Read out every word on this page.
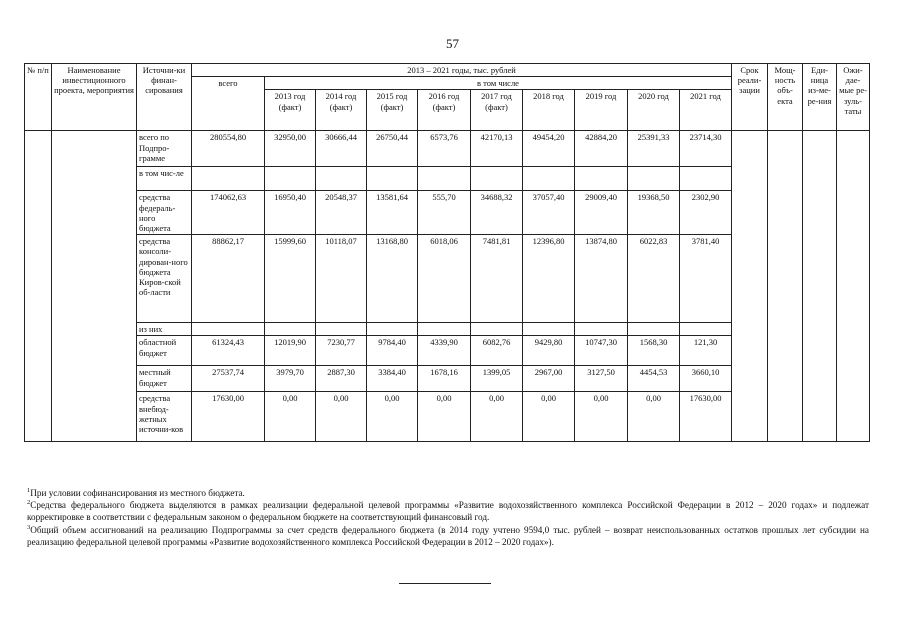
57
№ п/п	Наименование инвестиционного проекта, мероприятия	Источни-ки финан-сирования	2013 – 2021 годы, тыс. рублей										Срок реали-зации	Мощ-ность объ-екта	Еди-ница из-ме-ре-ния	Ожи-дае-мые ре-зуль-таты
			всего	в том числе												
				2013 год (факт)	2014 год (факт)	2015 год (факт)	2016 год (факт)	2017 год (факт)	2018 год	2019 год	2020 год	2021 год				
		всего по Подпро-грамме	280554,80	32950,00	30666,44	26750,44	6573,76	42170,13	49454,20	42884,20	25391,33	23714,30				
		в том чис-ле														
		средства федераль-ного бюджета	174062,63	16950,40	20548,37	13581,64	555,70	34688,32	37057,40	29009,40	19368,50	2302,90				
		средства консоли-дирован-ного бюджета Киров-ской об-ласти	88862,17	15999,60	10118,07	13168,80	6018,06	7481,81	12396,80	13874,80	6022,83	3781,40				
		из них														
		областной бюджет	61324,43	12019,90	7230,77	9784,40	4339,90	6082,76	9429,80	10747,30	1568,30	121,30				
		местный бюджет	27537,74	3979,70	2887,30	3384,40	1678,16	1399,05	2967,00	3127,50	4454,53	3660,10				
		средства внебюд-жетных источни-ков	17630,00	0,00	0,00	0,00	0,00	0,00	0,00	0,00	0,00	17630,00				

$^1$При условии софинансирования из местного бюджета.

$^2$Средства федерального бюджета выделяются в рамках реализации федеральной целевой программы «Развитие водохозяйственного комплекса Российской Федерации в 2012 – 2020 годах» и подлежат корректировке в соответствии с федеральным законом о федеральном бюджете на соответствующий финансовый год.

$^3$Общий объем ассигнований на реализацию Подпрограммы за счет средств федерального бюджета (в 2014 году учтено 9594,0 тыс. рублей – возврат неиспользованных остатков прошлых лет субсидии на реализацию федеральной целевой программы «Развитие водохозяйственного комплекса Российской Федерации в 2012 – 2020 годах»).
